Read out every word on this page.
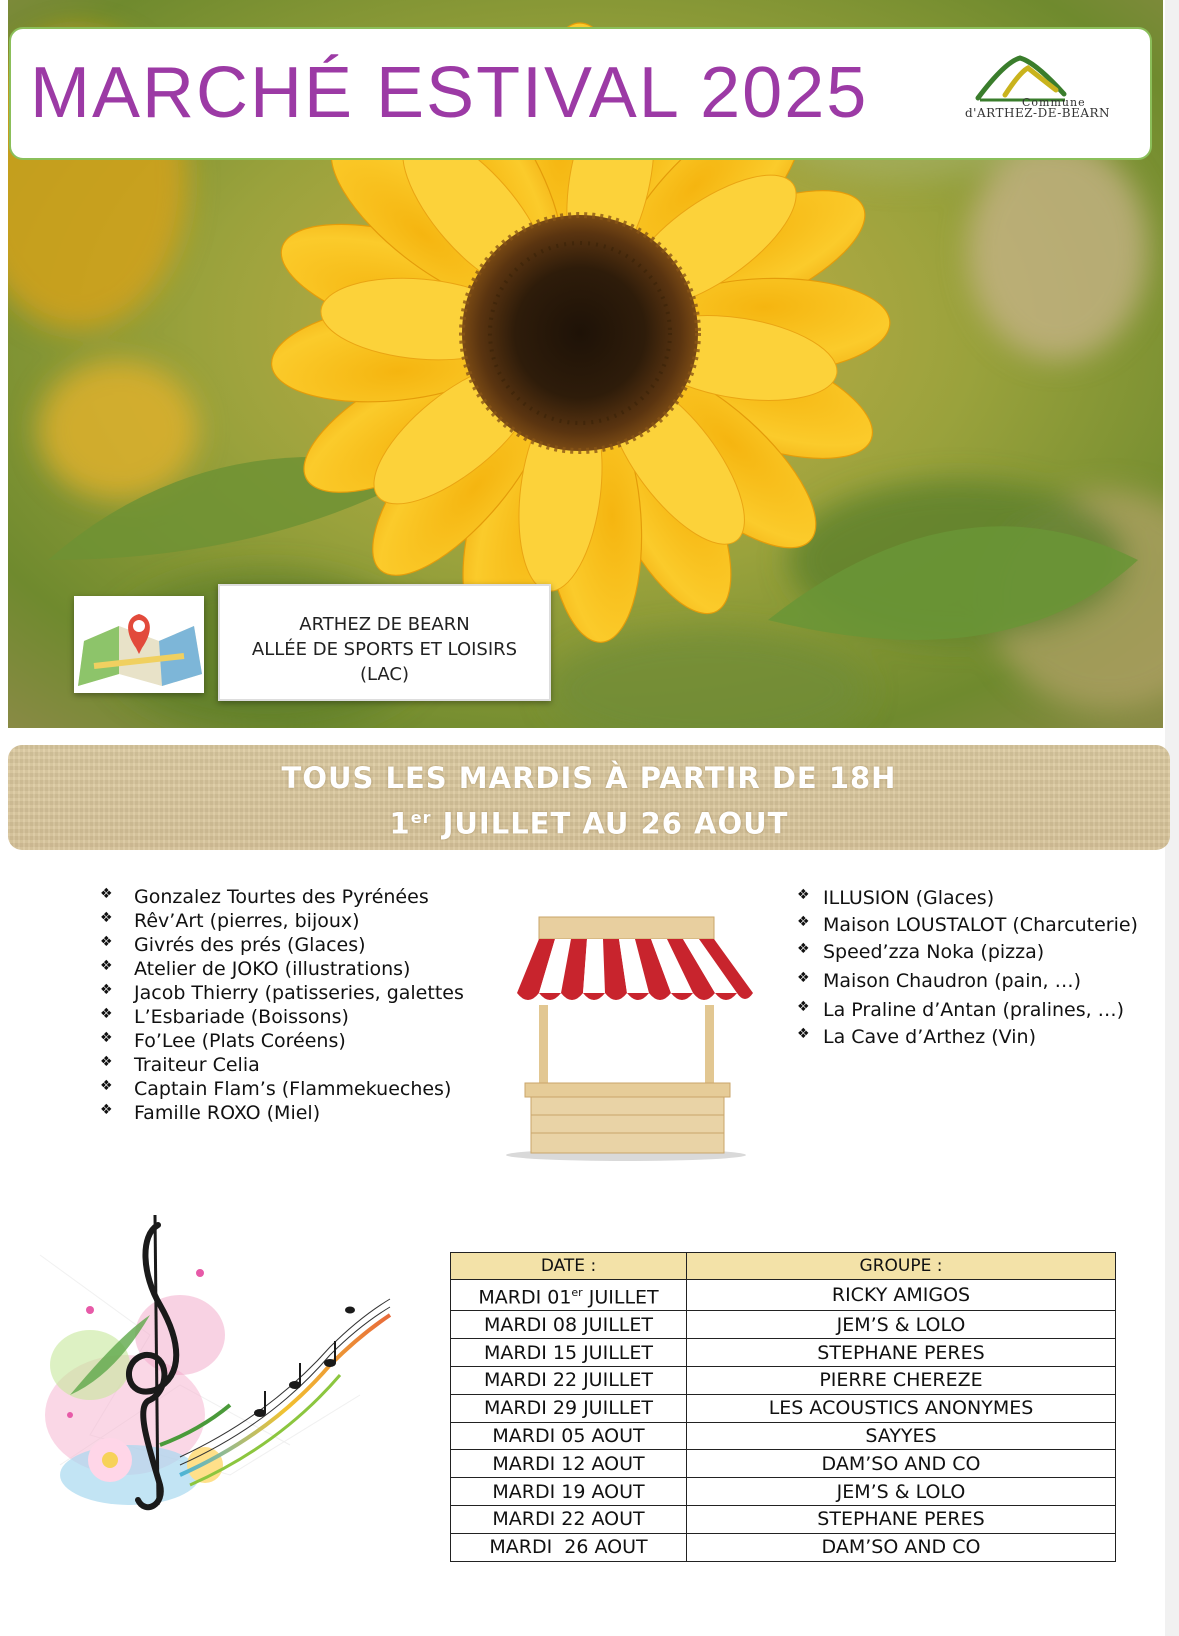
MARCHÉ ESTIVAL 2025	Commune
d'ARTHEZ-DE-BEARN
ARTHEZ DE BEARN
ALLÉE DE SPORTS ET LOISIRS
(LAC)
TOUS LES MARDIS À PARTIR DE 18H
1er JUILLET AU 26 AOUT
❖ Gonzalez Tourtes des Pyrénées
❖ Rêv’Art (pierres, bijoux)
❖ Givrés des prés (Glaces)
❖ Atelier de JOKO (illustrations)
❖ Jacob Thierry (patisseries, galettes
❖ L’Esbariade (Boissons)
❖ Fo’Lee (Plats Coréens)
❖ Traiteur Celia
❖ Captain Flam’s (Flammekueches)
❖ Famille ROXO (Miel)
❖ ILLUSION (Glaces)
❖ Maison LOUSTALOT (Charcuterie)
❖ Speed’zza Noka (pizza)
❖ Maison Chaudron (pain, …)
❖ La Praline d’Antan (pralines, …)
❖ La Cave d’Arthez (Vin)
DATE :	GROUPE :
MARDI 01er JUILLET	RICKY AMIGOS
MARDI 08 JUILLET	JEM’S & LOLO
MARDI 15 JUILLET	STEPHANE PERES
MARDI 22 JUILLET	PIERRE CHEREZE
MARDI 29 JUILLET	LES ACOUSTICS ANONYMES
MARDI 05 AOUT	SAYYES
MARDI 12 AOUT	DAM’SO AND CO
MARDI 19 AOUT	JEM’S & LOLO
MARDI 22 AOUT	STEPHANE PERES
MARDI  26 AOUT	DAM’SO AND CO
